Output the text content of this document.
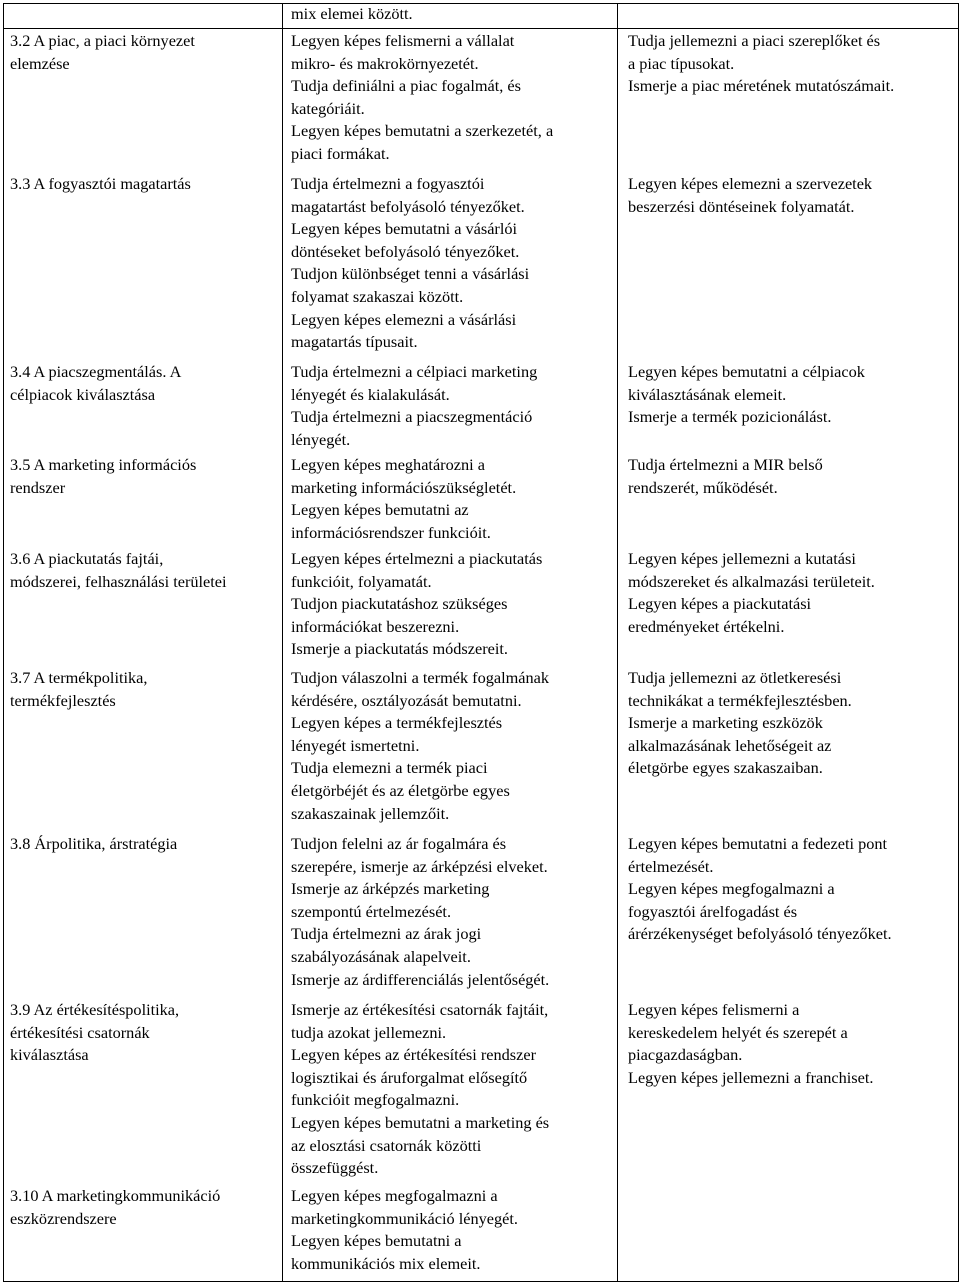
mix elemei között.
3.2 A piac, a piaci környezet
elemzése
Legyen képes felismerni a vállalat
mikro- és makrokörnyezetét.
Tudja definiálni a piac fogalmát, és
kategóriáit.
Legyen képes bemutatni a szerkezetét, a
piaci formákat.
Tudja jellemezni a piaci szereplőket és
a piac típusokat.
Ismerje a piac méretének mutatószámait.
3.3 A fogyasztói magatartás	Tudja értelmezni a fogyasztói
magatartást befolyásoló tényezőket.
Legyen képes bemutatni a vásárlói
döntéseket befolyásoló tényezőket.
Tudjon különbséget tenni a vásárlási
folyamat szakaszai között.
Legyen képes elemezni a vásárlási
magatartás típusait.
Legyen képes elemezni a szervezetek
beszerzési döntéseinek folyamatát.
3.4 A piacszegmentálás. A
célpiacok kiválasztása
Tudja értelmezni a célpiaci marketing
lényegét és kialakulását.
Tudja értelmezni a piacszegmentáció
lényegét.
Legyen képes bemutatni a célpiacok
kiválasztásának elemeit.
Ismerje a termék pozicionálást.
3.5 A marketing információs
rendszer
Legyen képes meghatározni a
marketing információszükségletét.
Legyen képes bemutatni az
információsrendszer funkcióit.
Tudja értelmezni a MIR belső
rendszerét, működését.
3.6 A piackutatás fajtái,
módszerei, felhasználási területei
Legyen képes értelmezni a piackutatás
funkcióit, folyamatát.
Tudjon piackutatáshoz szükséges
információkat beszerezni.
Ismerje a piackutatás módszereit.
Legyen képes jellemezni a kutatási
módszereket és alkalmazási területeit.
Legyen képes a piackutatási
eredményeket értékelni.
3.7 A termékpolitika,
termékfejlesztés
Tudjon válaszolni a termék fogalmának
kérdésére, osztályozását bemutatni.
Legyen képes a termékfejlesztés
lényegét ismertetni.
Tudja elemezni a termék piaci
életgörbéjét és az életgörbe egyes
szakaszainak jellemzőit.
Tudja jellemezni az ötletkeresési
technikákat a termékfejlesztésben.
Ismerje a marketing eszközök
alkalmazásának lehetőségeit az
életgörbe egyes szakaszaiban.
3.8 Árpolitika, árstratégia	Tudjon felelni az ár fogalmára és
szerepére, ismerje az árképzési elveket.
Ismerje az árképzés marketing
szempontú értelmezését.
Tudja értelmezni az árak jogi
szabályozásának alapelveit.
Ismerje az árdifferenciálás jelentőségét.
Legyen képes bemutatni a fedezeti pont
értelmezését.
Legyen képes megfogalmazni a
fogyasztói árelfogadást és
árérzékenységet befolyásoló tényezőket.
3.9 Az értékesítéspolitika,
értékesítési csatornák
kiválasztása
Ismerje az értékesítési csatornák fajtáit,
tudja azokat jellemezni.
Legyen képes az értékesítési rendszer
logisztikai és áruforgalmat elősegítő
funkcióit megfogalmazni.
Legyen képes bemutatni a marketing és
az elosztási csatornák közötti
összefüggést.
Legyen képes felismerni a
kereskedelem helyét és szerepét a
piacgazdaságban.
Legyen képes jellemezni a franchiset.
3.10 A marketingkommunikáció
eszközrendszere
Legyen képes megfogalmazni a
marketingkommunikáció lényegét.
Legyen képes bemutatni a
kommunikációs mix elemeit.
